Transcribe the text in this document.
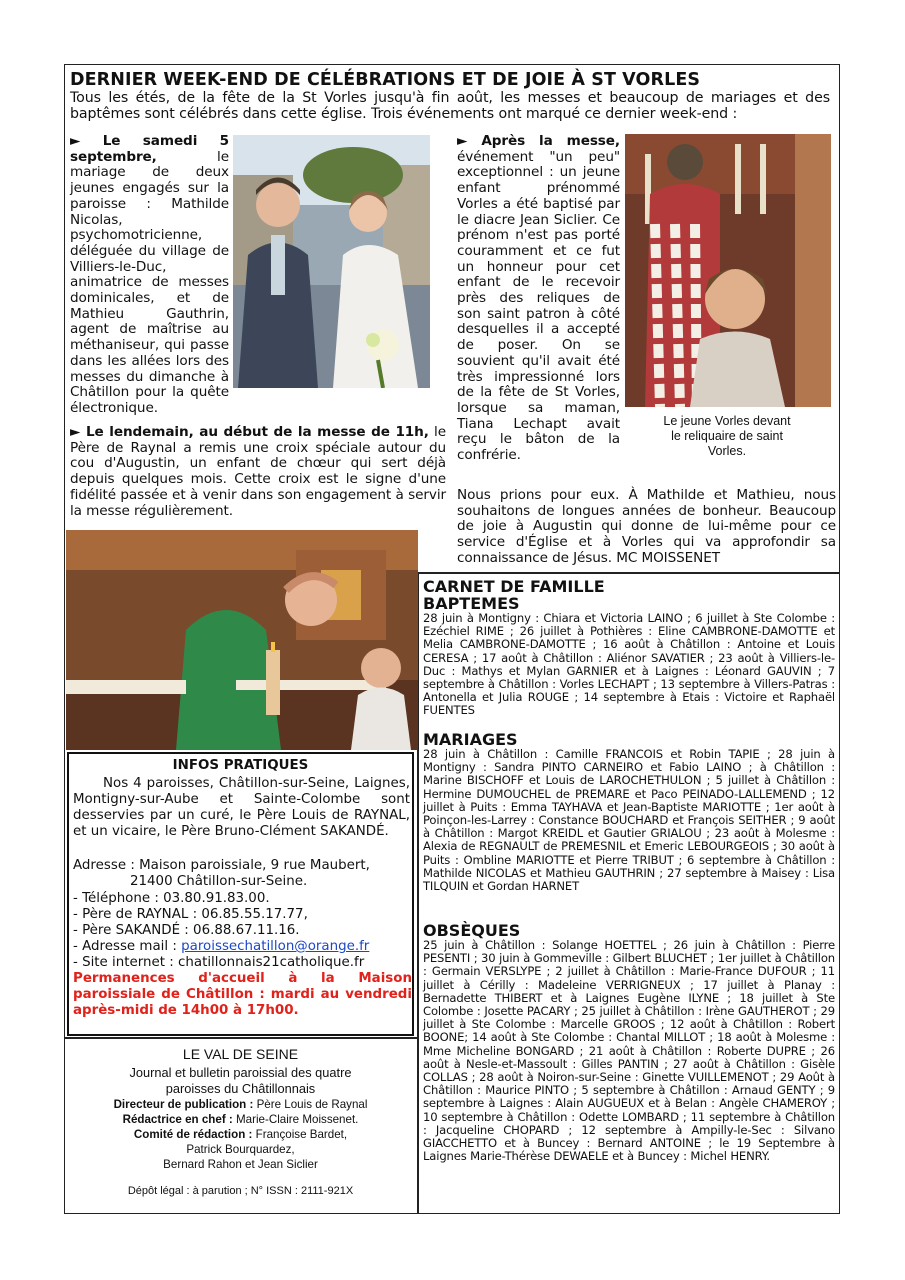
DERNIER WEEK-END DE CÉLÉBRATIONS ET DE JOIE À ST VORLES
Tous les étés, de la fête de la St Vorles jusqu'à fin août, les messes et beaucoup de mariages et des baptêmes sont célébrés dans cette église. Trois événements ont marqué ce dernier week-end :
► Le samedi 5 septembre,	le mariage de deux jeunes engagés sur la paroisse : Mathilde Nicolas, psychomotricienne, déléguée du village de Villiers-le-Duc, animatrice de messes dominicales, et de Mathieu Gauthrin, agent de maîtrise au méthaniseur, qui passe dans les allées lors des messes du dimanche à Châtillon pour la quête électronique.
► Le lendemain, au début de la messe de 11h, le Père de Raynal a remis une croix spéciale autour du cou d'Augustin, un enfant de chœur qui sert déjà depuis quelques mois. Cette croix est le signe d'une fidélité passée et à venir dans son engagement à servir la messe régulièrement.
► Après la messe, événement "un peu" exceptionnel : un jeune enfant prénommé Vorles a été baptisé par le diacre Jean Siclier. Ce prénom n'est pas porté couramment et ce fut un honneur pour cet enfant de le recevoir près des reliques de son saint patron à côté desquelles il a accepté de poser. On se souvient qu'il avait été très impressionné lors de la fête de St Vorles, lorsque sa maman, Tiana Lechapt avait reçu le bâton de la confrérie.
Le jeune Vorles devant le reliquaire de saint Vorles.
Nous prions pour eux. À Mathilde et Mathieu, nous souhaitons de longues années de bonheur. Beaucoup de joie à Augustin qui donne de lui-même pour ce service d'Église et à Vorles qui va approfondir sa connaissance de Jésus. MC MOISSENET
CARNET DE FAMILLE
BAPTEMES
28 juin à Montigny : Chiara et Victoria LAINO ; 6 juillet à Ste Colombe : Ezéchiel RIME ; 26 juillet à Pothières : Eline CAMBRONE-DAMOTTE et Melia CAMBRONE-DAMOTTE ; 16 août à Châtillon : Antoine et Louis CERESA ; 17 août à Châtillon : Aliénor SAVATIER ; 23 août à Villiers-le-Duc : Mathys et Mylan GARNIER et à Laignes : Léonard GAUVIN ; 7 septembre à Châtillon : Vorles LECHAPT ; 13 septembre à Villers-Patras : Antonella et Julia ROUGE ; 14 septembre à Etais : Victoire et Raphaël FUENTES
MARIAGES
28 juin à Châtillon : Camille FRANCOIS et Robin TAPIE ; 28 juin à Montigny : Sandra PINTO CARNEIRO et Fabio LAINO ; à Châtillon : Marine BISCHOFF et Louis de LAROCHETHULON ; 5 juillet à Châtillon : Hermine DUMOUCHEL de PREMARE et Paco PEINADO-LALLEMEND ; 12 juillet à Puits : Emma TAYHAVA et Jean-Baptiste MARIOTTE ; 1er août à Poinçon-les-Larrey : Constance BOUCHARD et François SEITHER ; 9 août à Châtillon : Margot KREIDL et Gautier GRIALOU ; 23 août à Molesme : Alexia de REGNAULT de PREMESNIL et Emeric LEBOURGEOIS ; 30 août à Puits : Ombline MARIOTTE et Pierre TRIBUT ; 6 septembre à Châtillon : Mathilde NICOLAS et Mathieu GAUTHRIN ; 27 septembre à Maisey : Lisa TILQUIN et Gordan HARNET
OBSÈQUES
25 juin à Châtillon : Solange HOETTEL ; 26 juin à Châtillon : Pierre PESENTI ; 30 juin à Gommeville : Gilbert BLUCHET ; 1er juillet à Châtillon : Germain VERSLYPE ; 2 juillet à Châtillon : Marie-France DUFOUR ; 11 juillet à Cérilly : Madeleine VERRIGNEUX ; 17 juillet à Planay : Bernadette THIBERT et à Laignes Eugène ILYNE ; 18 juillet à Ste Colombe : Josette PACARY ; 25 juillet à Châtillon : Irène GAUTHEROT ; 29 juillet à Ste Colombe : Marcelle GROOS ; 12 août à Châtillon : Robert BOONE; 14 août à Ste Colombe : Chantal MILLOT ; 18 août à Molesme : Mme Micheline BONGARD ; 21 août à Châtillon : Roberte DUPRE ; 26 août à Nesle-et-Massoult : Gilles PANTIN ; 27 août à Châtillon : Gisèle COLLAS ; 28 août à Noiron-sur-Seine : Ginette VUILLEMENOT ; 29 Août à Châtillon : Maurice PINTO ; 5 septembre à Châtillon : Arnaud GENTY ; 9 septembre à Laignes : Alain AUGUEUX et à Belan : Angèle CHAMEROY ; 10 septembre à Châtillon : Odette LOMBARD ; 11 septembre à Châtillon : Jacqueline CHOPARD ; 12 septembre à Ampilly-le-Sec : Silvano GIACCHETTO et à Buncey : Bernard ANTOINE ; le 19 Septembre à Laignes Marie-Thérèse DEWAELE et à Buncey : Michel HENRY.
INFOS PRATIQUES
Nos 4 paroisses, Châtillon-sur-Seine, Laignes, Montigny-sur-Aube et Sainte-Colombe sont desservies par un curé, le Père Louis de RAYNAL, et un vicaire, le Père Bruno-Clément SAKANDÉ.
Adresse : Maison paroissiale, 9 rue Maubert,
21400 Châtillon-sur-Seine.
- Téléphone : 03.80.91.83.00.
- Père de RAYNAL : 06.85.55.17.77,
- Père SAKANDÉ : 06.88.67.11.16.
- Adresse mail : paroissechatillon@orange.fr
- Site internet : chatillonnais21catholique.fr
Permanences d'accueil à la Maison paroissiale de Châtillon : mardi au vendredi après-midi de 14h00 à 17h00.
LE VAL DE SEINE
Journal et bulletin paroissial des quatre
paroisses du Châtillonnais
Directeur de publication : Père Louis de Raynal
Rédactrice en chef : Marie-Claire Moissenet.
Comité de rédaction : Françoise Bardet,
Patrick Bourquardez,
Bernard Rahon et Jean Siclier
Dépôt légal : à parution ; N° ISSN : 2111-921X
